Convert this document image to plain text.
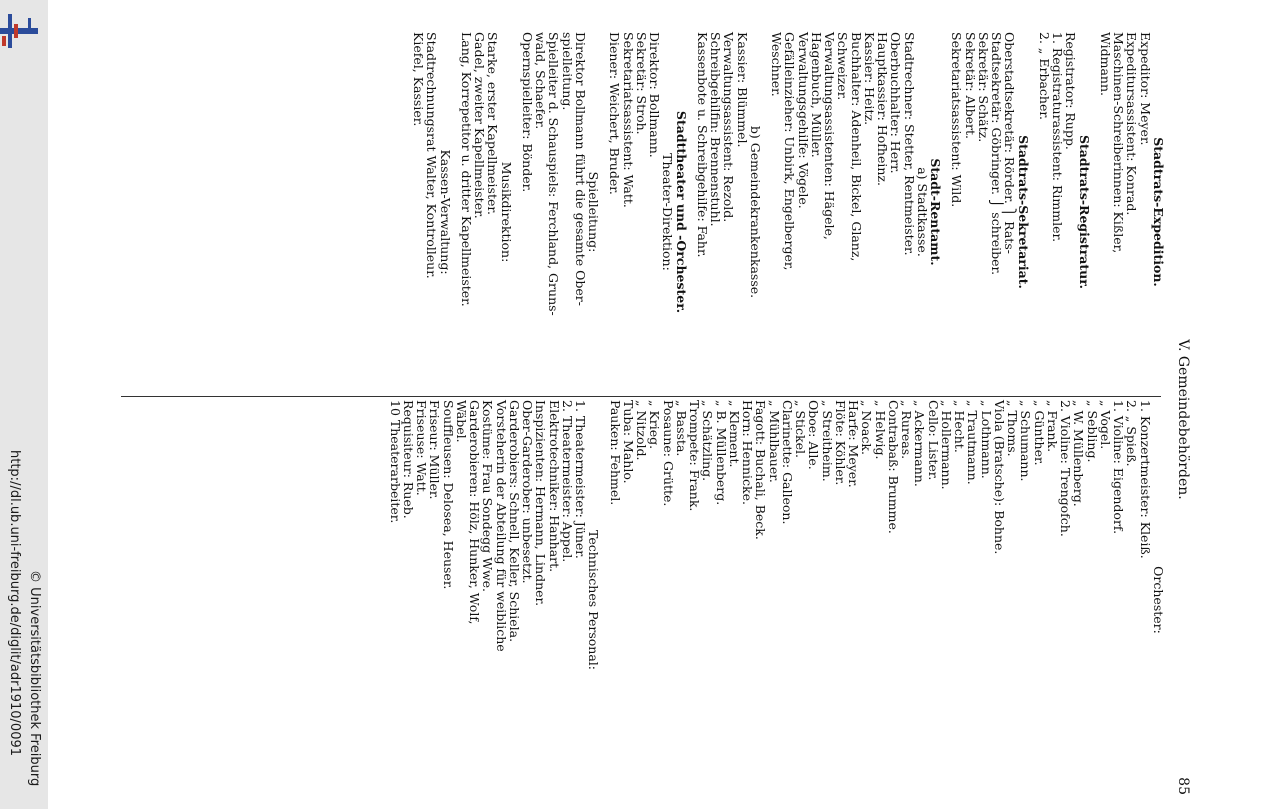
http://dl.ub.uni-freiburg.de/diglit/adr1910/0091 © Universitätsbibliothek Freiburg
V. Gemeindebehörden.
85
Stadtrats-Expedition.
Expeditor: Meyer.
Expeditursassistent: Konrad.
Maschinen-Schreiberinnen: Kißler,
Widmann.
Stadtrats-Registratur.
Registrator: Rupp.
1. Registraturassistent: Rimmler.
2. „ Erbacher.
Stadtrats-Sekretariat.
Oberstadtsekretär: Rörder. ⎫ Rats-
Stadtsekretär: Göbringer. ⎭ schreiber.
Sekretär: Schätz.
Sekretär: Albert.
Sekretariatsassistent: Wild.
Stadt-Rentamt.
a) Stadtkasse.
Stadtrechner: Stetter, Rentmeister.
Oberbuchhalter: Herr.
Hauptkassier: Hofheinz.
Kassier: Heitz.
Buchhalter: Adenheil, Bickel, Glanz,
Schweizer.
Verwaltungsassistenten: Hägele,
Hagenbuch, Müller.
Verwaltungsgehilfe: Vögele.
Gefälleinzieher: Unbirk, Engelberger,
Weschner.
b) Gemeindekrankenkasse.
Kassier: Blümmel.
Verwaltungsassistent: Rezold.
Schreibgehilfin: Brennenstuhl.
Kassenbote u. Schreibgehilfe: Fahr.
Stadttheater und -Orchester.
Theater-Direktion:
Direktor: Bollmann.
Sekretär: Stroh.
Sekretariatsassistent: Watt.
Diener: Weichert, Bruder.
Spielleitung:
Direktor Bollmann führt die gesamte Ober-
spielleitung.
Spielleiter d. Schauspiels: Ferchland, Gruns-
wald, Schaefer.
Opernspielleiter: Bönder.
Musikdirektion:
Starke, erster Kapellmeister.
Gadel, zweiter Kapellmeister.
Lang, Korrepetitor u. dritter Kapellmeister.
Kassen-Verwaltung:
Stadtrechnungsrat Walter, Kontrolleur.
Kiefel, Kassier.
Orchester:
1. Konzertmeister: Kleiß.
2. „ Spieß.
1. Violine: Eigendorf.
„ Vogel.
„ Sebling.
„ W. Müllenberg.
2. Violine: Trengofch.
„ Frank.
„ Günther.
„ Schumann.
„ Thoms.
Viola (Bratsche): Bohne.
„ Lothmann.
„ Trautmann.
„ Hecht.
„ Hollermann.
Cello: Lister.
„ Ackermann.
„ Rureas.
Contrabaß: Brumme.
„ Helwig.
„ Noack.
Harfe: Meyer.
Flöte: Köhler.
„ Streitheim.
Oboe: Alle.
„ Stickel.
Clarinette: Galleon.
„ Mühlbauer.
Fagott: Buchali, Beck.
Horn: Hennicke.
„ Klement.
„ B. Müllenberg.
„ Schätzling.
Trompete: Frank.
„ Bassta.
Posaune: Grütte.
„ Krieg.
„ Nitzold.
Tuba: Mahlo.
Pauken: Fehmel.
Technisches Personal:
1. Theatermeister: Jüner.
2. Theatermeister: Appel.
Elektrotechniker: Hanhart.
Inspizienten: Hermann, Lindner.
Ober-Garderober: unbesetzt.
Garderobiers: Schnell, Keller, Schiela.
Vorsteherin der Abteilung für weibliche
Kostüme: Frau Sondegg Wwe.
Garderobieren: Hölz, Hunker, Wolf,
Wäbel.
Souffleusen: Delosea, Heuser.
Friseur: Müller.
Friseuse: Watt.
Requisiteur: Rueb.
10 Theaterarbeiter.
